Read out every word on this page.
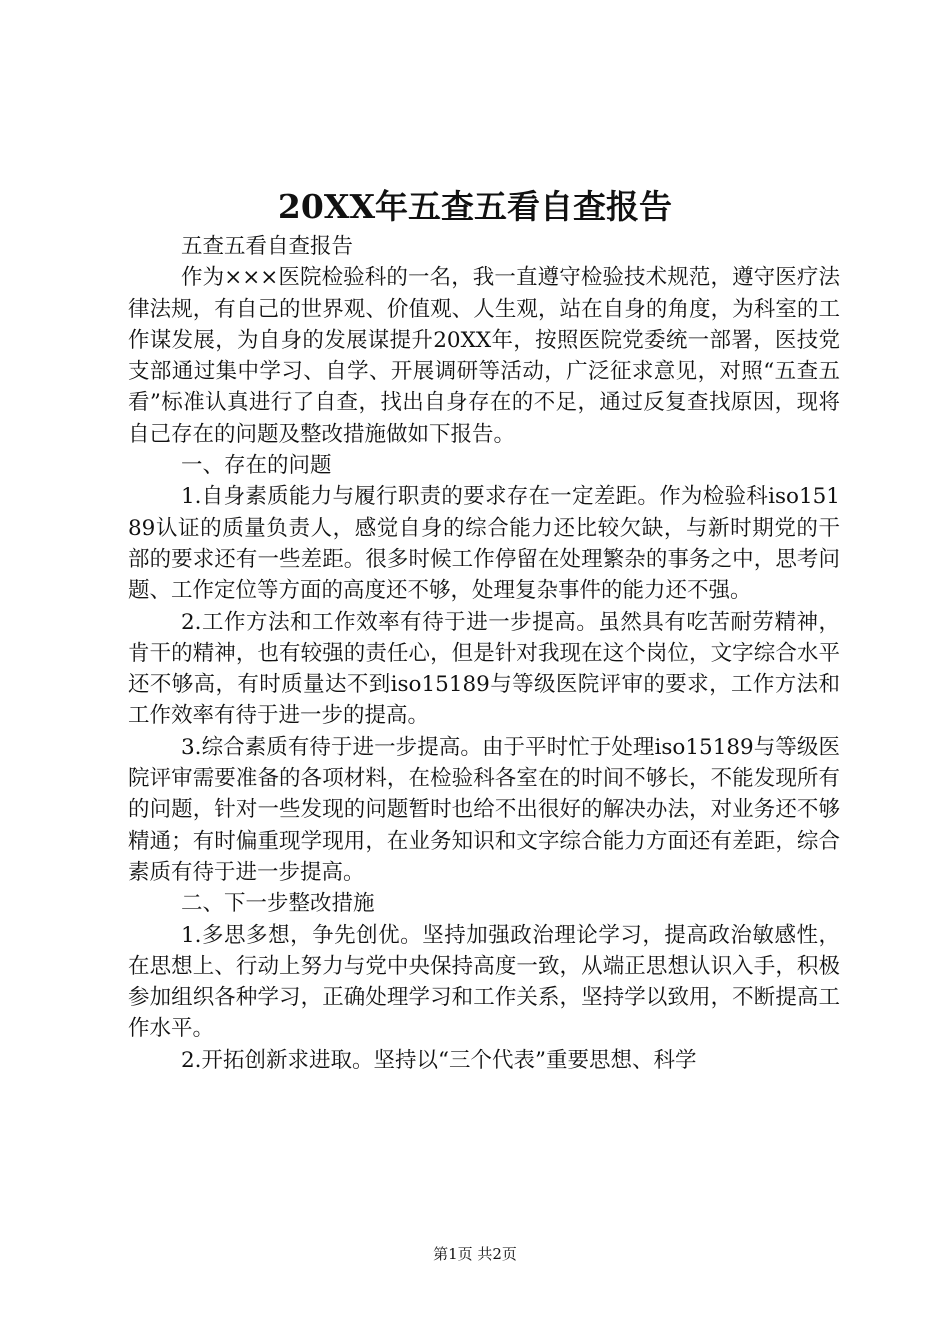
20XX年五查五看自查报告

五查五看自查报告

作为×××医院检验科的一名，我一直遵守检验技术规范，遵守医疗法律法规，有自己的世界观、价值观、人生观，站在自身的角度，为科室的工作谋发展，为自身的发展谋提升20XX年，按照医院党委统一部署，医技党支部通过集中学习、自学、开展调研等活动，广泛征求意见，对照“五查五看”标准认真进行了自查，找出自身存在的不足，通过反复查找原因，现将自己存在的问题及整改措施做如下报告。

一、存在的问题

1.自身素质能力与履行职责的要求存在一定差距。作为检验科iso15189认证的质量负责人，感觉自身的综合能力还比较欠缺，与新时期党的干部的要求还有一些差距。很多时候工作停留在处理繁杂的事务之中，思考问题、工作定位等方面的高度还不够，处理复杂事件的能力还不强。

2.工作方法和工作效率有待于进一步提高。虽然具有吃苦耐劳精神，肯干的精神，也有较强的责任心，但是针对我现在这个岗位，文字综合水平还不够高，有时质量达不到iso15189与等级医院评审的要求，工作方法和工作效率有待于进一步的提高。

3.综合素质有待于进一步提高。由于平时忙于处理iso15189与等级医院评审需要准备的各项材料，在检验科各室在的时间不够长，不能发现所有的问题，针对一些发现的问题暂时也给不出很好的解决办法，对业务还不够精通；有时偏重现学现用，在业务知识和文字综合能力方面还有差距，综合素质有待于进一步提高。

二、下一步整改措施

1.多思多想，争先创优。坚持加强政治理论学习，提高政治敏感性，在思想上、行动上努力与党中央保持高度一致，从端正思想认识入手，积极参加组织各种学习，正确处理学习和工作关系，坚持学以致用，不断提高工作水平。

2.开拓创新求进取。坚持以“三个代表”重要思想、科学

第1页 共2页
